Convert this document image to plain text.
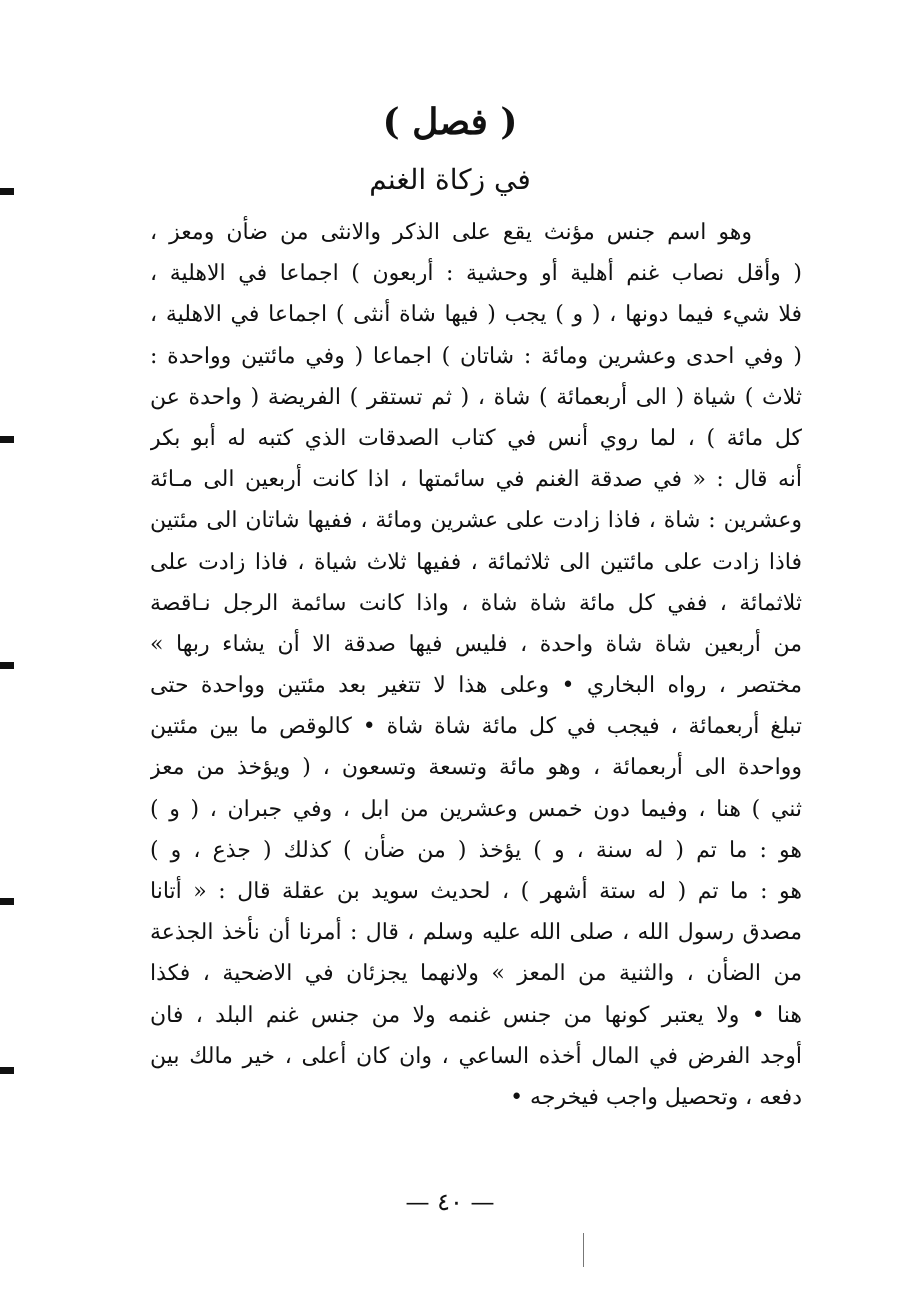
( فصل )
في زكاة الغنم
وهو اسم جنس مؤنث يقع على الذكر والانثى من ضأن ومعز ،
( وأقل نصاب غنم أهلية أو وحشية : أربعون ) اجماعا في الاهلية ،
فلا شيء فيما دونها ، ( و ) يجب ( فيها شاة أنثى ) اجماعا في الاهلية ،
( وفي احدى وعشرين ومائة : شاتان ) اجماعا ( وفي مائتين وواحدة :
ثلاث ) شياة ( الى أربعمائة ) شاة ، ( ثم تستقر ) الفريضة ( واحدة عن
كل مائة ) ، لما روي أنس في كتاب الصدقات الذي كتبه له أبو بكر
أنه قال : « في صدقة الغنم في سائمتها ، اذا كانت أربعين الى مـائة
وعشرين : شاة ، فاذا زادت على عشرين ومائة ، ففيها شاتان الى مئتين
فاذا زادت على مائتين الى ثلاثمائة ، ففيها ثلاث شياة ، فاذا زادت على
ثلاثمائة ، ففي كل مائة شاة شاة ، واذا كانت سائمة الرجل نـاقصة
من أربعين شاة شاة واحدة ، فليس فيها صدقة الا أن يشاء ربها »
مختصر ، رواه البخاري • وعلى هذا لا تتغير بعد مئتين وواحدة حتى
تبلغ أربعمائة ، فيجب في كل مائة شاة شاة • كالوقص ما بين مئتين
وواحدة الى أربعمائة ، وهو مائة وتسعة وتسعون ، ( ويؤخذ من معز
ثني ) هنا ، وفيما دون خمس وعشرين من ابل ، وفي جبران ، ( و )
هو : ما تم ( له سنة ، و ) يؤخذ ( من ضأن ) كذلك ( جذع ، و )
هو : ما تم ( له ستة أشهر ) ، لحديث سويد بن عقلة قال : « أتانا
مصدق رسول الله ، صلى الله عليه وسلم ، قال : أمرنا أن نأخذ الجذعة
من الضأن ، والثنية من المعز » ولانهما يجزئان في الاضحية ، فكذا
هنا • ولا يعتبر كونها من جنس غنمه ولا من جنس غنم البلد ، فان
أوجد الفرض في المال أخذه الساعي ، وان كان أعلى ، خير مالك بين
دفعه ، وتحصيل واجب فيخرجه •
— ٤٠ —
